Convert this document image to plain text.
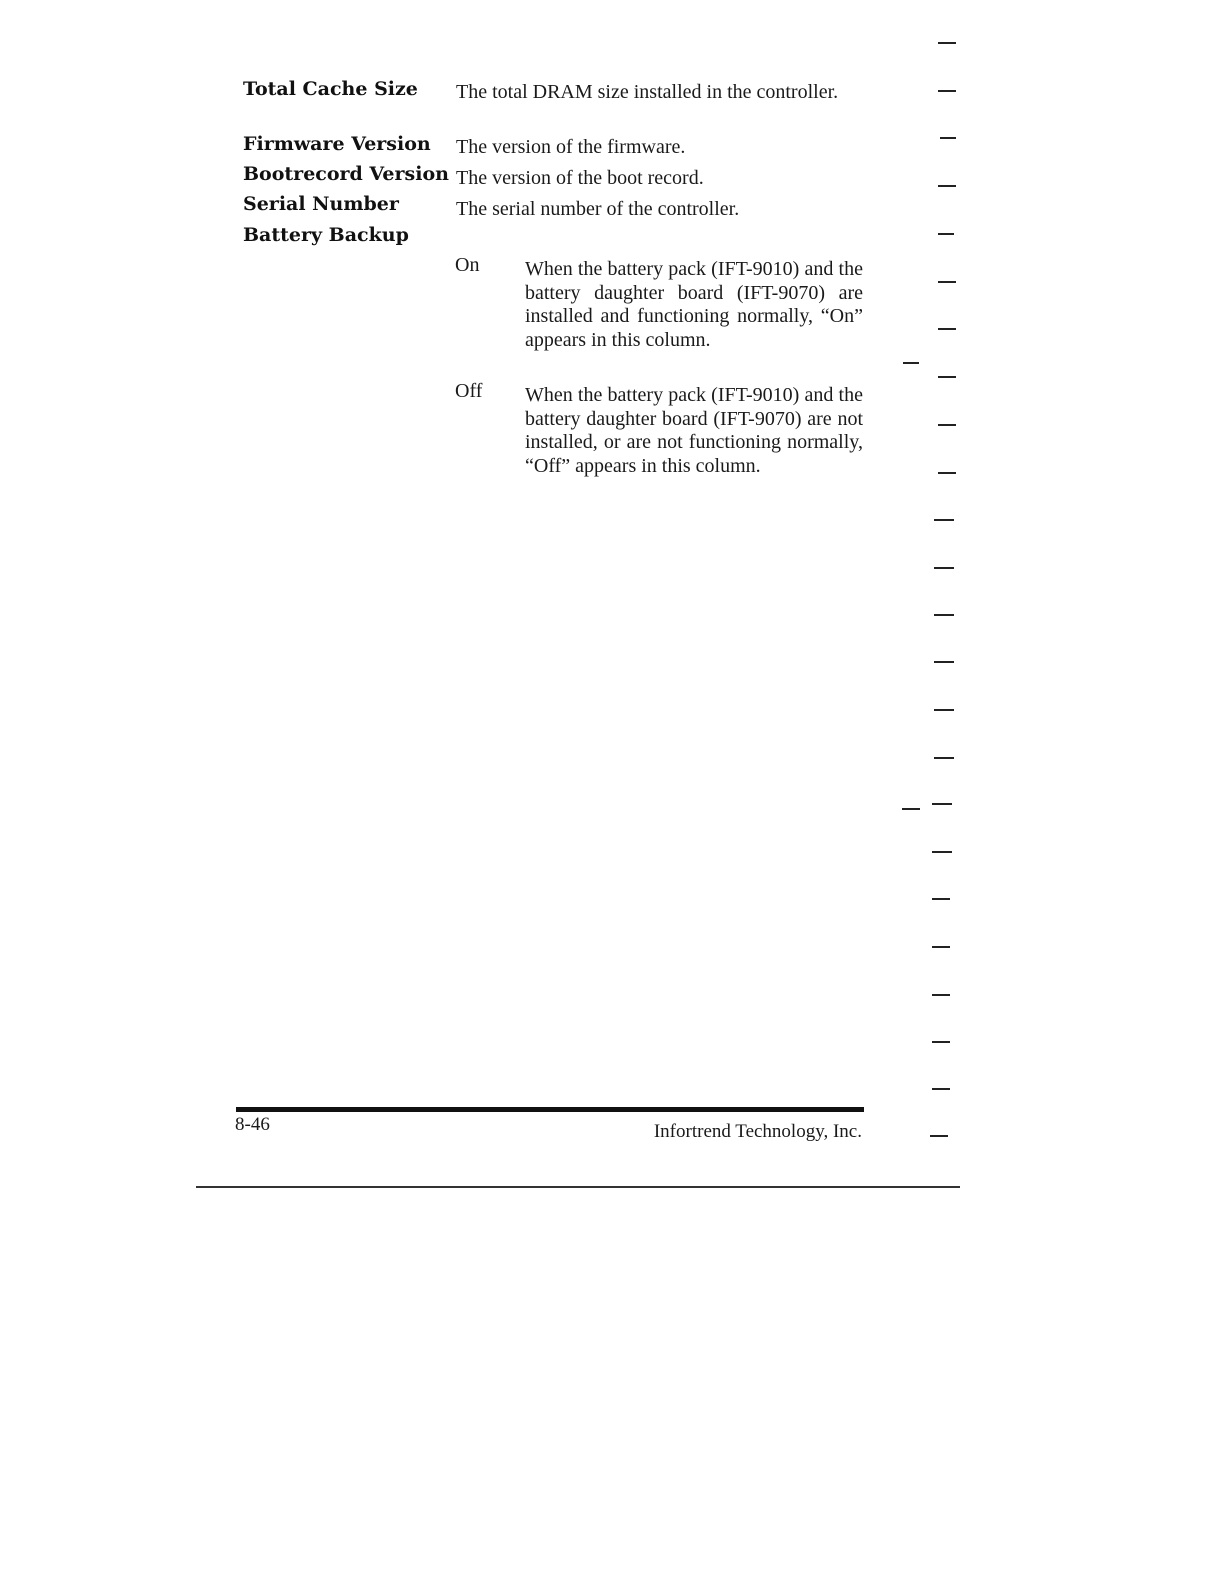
Total Cache Size
Firmware Version
Bootrecord Version
Serial Number
Battery Backup

The total DRAM size installed in the controller.

The version of the firmware.

The version of the boot record.

The serial number of the controller.

On When the battery pack (IFT-9010) and the battery daughter board (IFT-9070) are installed and functioning normally, “On” appears in this column.

Off When the battery pack (IFT-9010) and the battery daughter board (IFT-9070) are not installed, or are not functioning normally, “Off” appears in this column.

8-46	Infortrend Technology, Inc.
